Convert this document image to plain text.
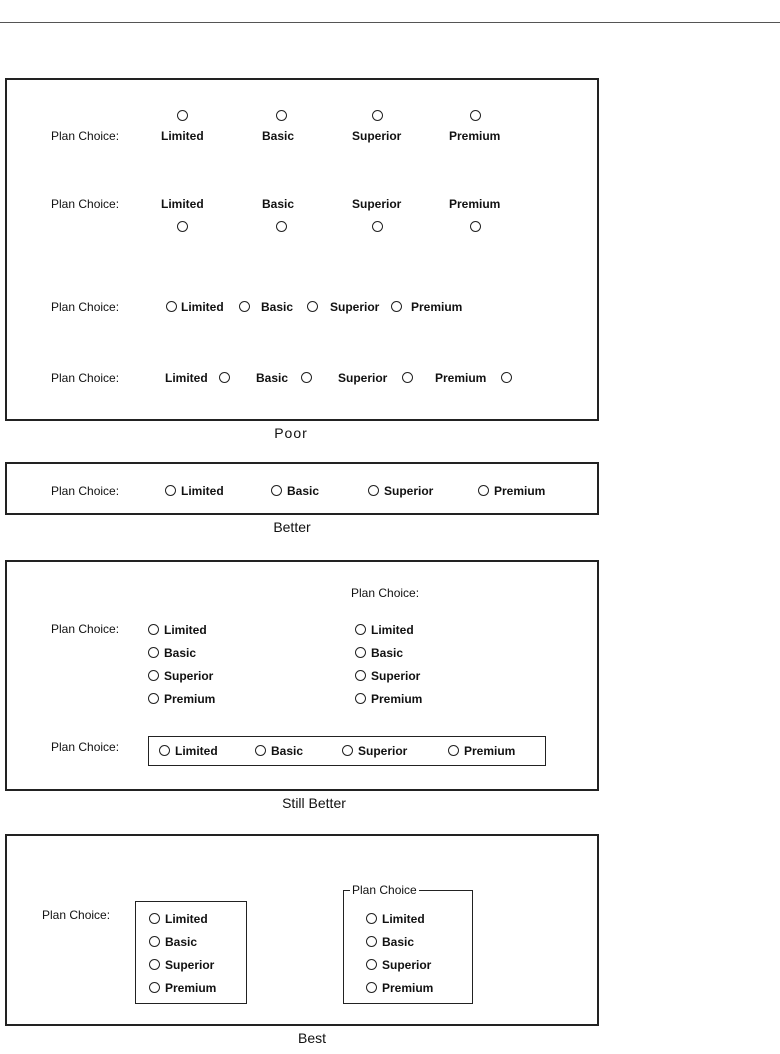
Plan Choice:	Limited	Basic	Superior	Premium
Plan Choice:	Limited	Basic	Superior	Premium
Plan Choice:	Limited	Basic	Superior	Premium
Plan Choice:	Limited	Basic	Superior	Premium
Poor
Plan Choice:	Limited	Basic	Superior	Premium
Better
Plan Choice:	Limited
Basic
Superior
Premium
Plan Choice:
Limited
Basic
Superior
Premium
Plan Choice:	Limited	Basic	Superior	Premium
Still Better
Plan Choice:	Limited
Basic
Superior
Premium
Plan Choice
Limited
Basic
Superior
Premium
Best
